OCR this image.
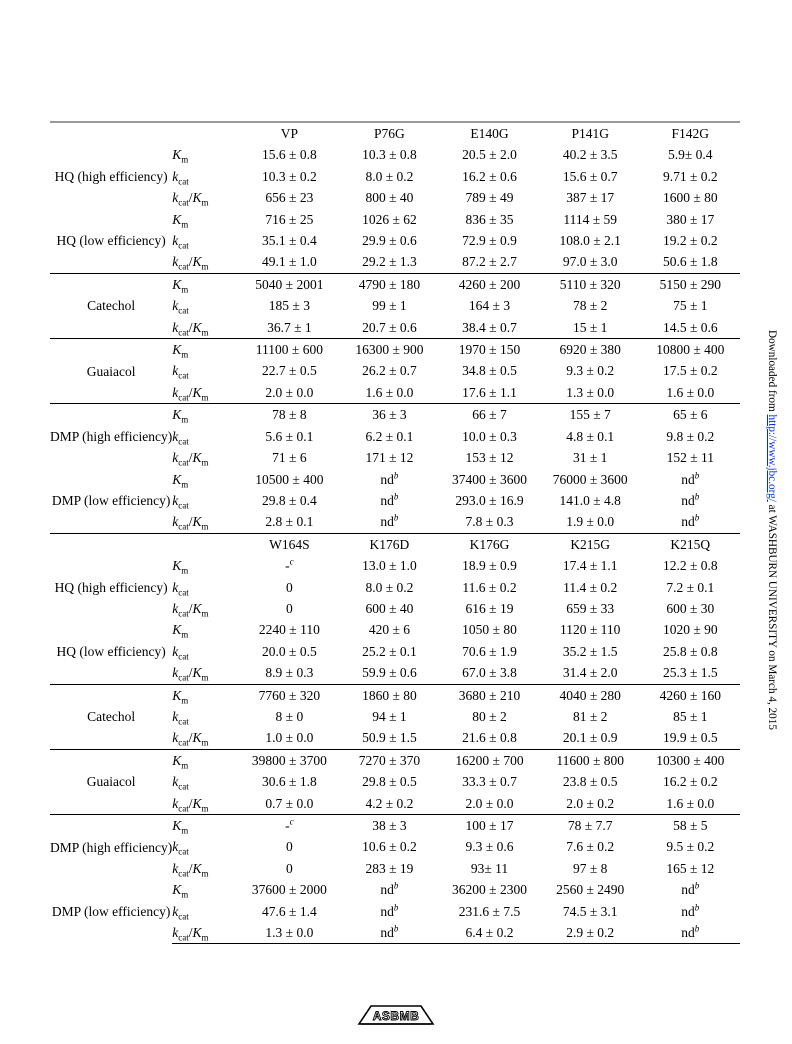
		VP	P76G	E140G	P141G	F142G
HQ (high efficiency)	$K_m$	15.6 ± 0.8	10.3 ± 0.8	20.5 ± 2.0	40.2 ± 3.5	5.9± 0.4
	$k_{cat}$	10.3 ± 0.2	8.0 ± 0.2	16.2 ± 0.6	15.6 ± 0.7	9.71 ± 0.2
	$k_{cat}/K_m$	656 ± 23	800 ± 40	789 ± 49	387 ± 17	1600 ± 80
HQ (low efficiency)	$K_m$	716 ± 25	1026 ± 62	836 ± 35	1114 ± 59	380 ± 17
	$k_{cat}$	35.1 ± 0.4	29.9 ± 0.6	72.9 ± 0.9	108.0 ± 2.1	19.2 ± 0.2
	$k_{cat}/K_m$	49.1 ± 1.0	29.2 ± 1.3	87.2 ± 2.7	97.0 ± 3.0	50.6 ± 1.8
Catechol	$K_m$	5040 ± 2001	4790 ± 180	4260 ± 200	5110 ± 320	5150 ± 290
	$k_{cat}$	185 ± 3	99 ± 1	164 ± 3	78 ± 2	75 ± 1
	$k_{cat}/K_m$	36.7 ± 1	20.7 ± 0.6	38.4 ± 0.7	15 ± 1	14.5 ± 0.6
Guaiacol	$K_m$	11100 ± 600	16300 ± 900	1970 ± 150	6920 ± 380	10800 ± 400
	$k_{cat}$	22.7 ± 0.5	26.2 ± 0.7	34.8 ± 0.5	9.3 ± 0.2	17.5 ± 0.2
	$k_{cat}/K_m$	2.0 ± 0.0	1.6 ± 0.0	17.6 ± 1.1	1.3 ± 0.0	1.6 ± 0.0
DMP (high efficiency)	$K_m$	78 ± 8	36 ± 3	66 ± 7	155 ± 7	65 ± 6
	$k_{cat}$	5.6 ± 0.1	6.2 ± 0.1	10.0 ± 0.3	4.8 ± 0.1	9.8 ± 0.2
	$k_{cat}/K_m$	71 ± 6	171 ± 12	153 ± 12	31 ± 1	152 ± 11
DMP (low efficiency)	$K_m$	10500 ± 400	nd$^b$	37400 ± 3600	76000 ± 3600	nd$^b$
	$k_{cat}$	29.8 ± 0.4	nd$^b$	293.0 ± 16.9	141.0 ± 4.8	nd$^b$
	$k_{cat}/K_m$	2.8 ± 0.1	nd$^b$	7.8 ± 0.3	1.9 ± 0.0	nd$^b$
		W164S	K176D	K176G	K215G	K215Q
HQ (high efficiency)	$K_m$	-$^c$	13.0 ± 1.0	18.9 ± 0.9	17.4 ± 1.1	12.2 ± 0.8
	$k_{cat}$	0	8.0 ± 0.2	11.6 ± 0.2	11.4 ± 0.2	7.2 ± 0.1
	$k_{cat}/K_m$	0	600 ± 40	616 ± 19	659 ± 33	600 ± 30
HQ (low efficiency)	$K_m$	2240 ± 110	420 ± 6	1050 ± 80	1120 ± 110	1020 ± 90
	$k_{cat}$	20.0 ± 0.5	25.2 ± 0.1	70.6 ± 1.9	35.2 ± 1.5	25.8 ± 0.8
	$k_{cat}/K_m$	8.9 ± 0.3	59.9 ± 0.6	67.0 ± 3.8	31.4 ± 2.0	25.3 ± 1.5
Catechol	$K_m$	7760 ± 320	1860 ± 80	3680 ± 210	4040 ± 280	4260 ± 160
	$k_{cat}$	8 ± 0	94 ± 1	80 ± 2	81 ± 2	85 ± 1
	$k_{cat}/K_m$	1.0 ± 0.0	50.9 ± 1.5	21.6 ± 0.8	20.1 ± 0.9	19.9 ± 0.5
Guaiacol	$K_m$	39800 ± 3700	7270 ± 370	16200 ± 700	11600 ± 800	10300 ± 400
	$k_{cat}$	30.6 ± 1.8	29.8 ± 0.5	33.3 ± 0.7	23.8 ± 0.5	16.2 ± 0.2
	$k_{cat}/K_m$	0.7 ± 0.0	4.2 ± 0.2	2.0 ± 0.0	2.0 ± 0.2	1.6 ± 0.0
DMP (high efficiency)	$K_m$	-$^c$	38 ± 3	100 ± 17	78 ± 7.7	58 ± 5
	$k_{cat}$	0	10.6 ± 0.2	9.3 ± 0.6	7.6 ± 0.2	9.5 ± 0.2
	$k_{cat}/K_m$	0	283 ± 19	93± 11	97 ± 8	165 ± 12
DMP (low efficiency)	$K_m$	37600 ± 2000	nd$^b$	36200 ± 2300	2560 ± 2490	nd$^b$
	$k_{cat}$	47.6 ± 1.4	nd$^b$	231.6 ± 7.5	74.5 ± 3.1	nd$^b$
	$k_{cat}/K_m$	1.3 ± 0.0	nd$^b$	6.4 ± 0.2	2.9 ± 0.2	nd$^b$
Downloaded from http://www.jbc.org/ at WASHBURN UNIVERSITY on March 4, 2015
ASBMB
